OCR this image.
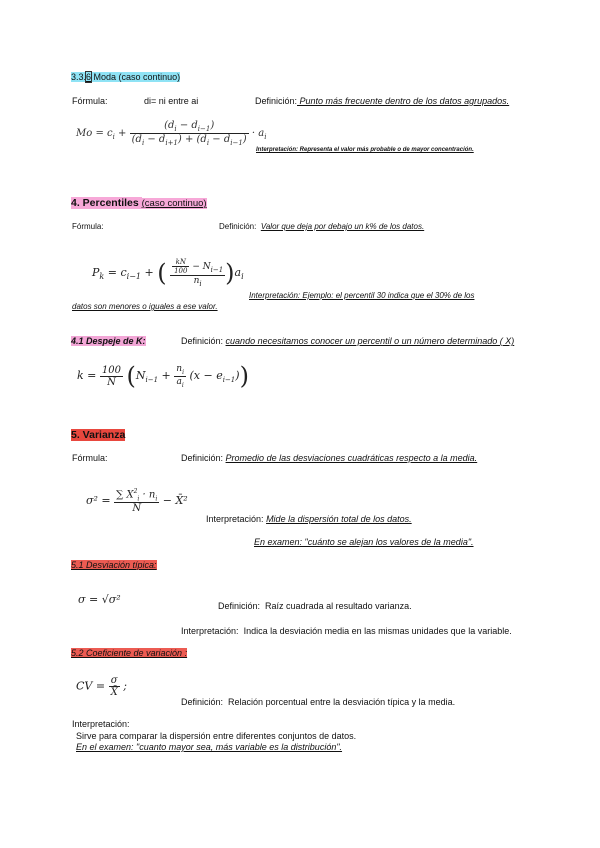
3.3.6 Moda (caso continuo)
Fórmula:	di= ni entre ai	Definición: Punto más frecuente dentro de los datos agrupados.
$Mo = c_i + \frac{(d_i - d_{i-1})}{(d_i - d_{i+1}) + (d_i - d_{i-1})} \cdot a_i$
Interpretación: Representa el valor más probable o de mayor concentración.
4. Percentiles (caso continuo)
Fórmula:	Definición: Valor que deja por debajo un k% de los datos.
$P_k = c_{i-1}$ + ( $\frac{\frac{kN}{100} - N_{i-1}}{n_i} )a_i$
Interpretación: Ejemplo: el percentil 30 indica que el 30% de los
datos son menores o iguales a ese valor.
4.1 Despeje de K:	Definición: cuando necesitamos conocer un percentil o un número determinado ( X)
$k = \frac{100}{N} (N_{i-1} + \frac{n_i}{a_i} (x - e_{i-1}))$
5. Varianza
Fórmula:	Definición: Promedio de las desviaciones cuadráticas respecto a la media.
$\sigma^2 = \frac{\sum X^2_i \cdot n_i}{N}$ − X̄²
Interpretación: Mide la dispersión total de los datos.
En examen: "cuánto se alejan los valores de la media".
5.1 Desviación típica:
σ = √σ²	Definición: Raíz cuadrada al resultado varianza.
Interpretación: Indica la desviación media en las mismas unidades que la variable.
5.2 Coeficiente de variación :
CV = $\frac{\sigma}{X̄}$ ;
Definición: Relación porcentual entre la desviación típica y la media.
Interpretación:
Sirve para comparar la dispersión entre diferentes conjuntos de datos.
En el examen: "cuanto mayor sea, más variable es la distribución".
